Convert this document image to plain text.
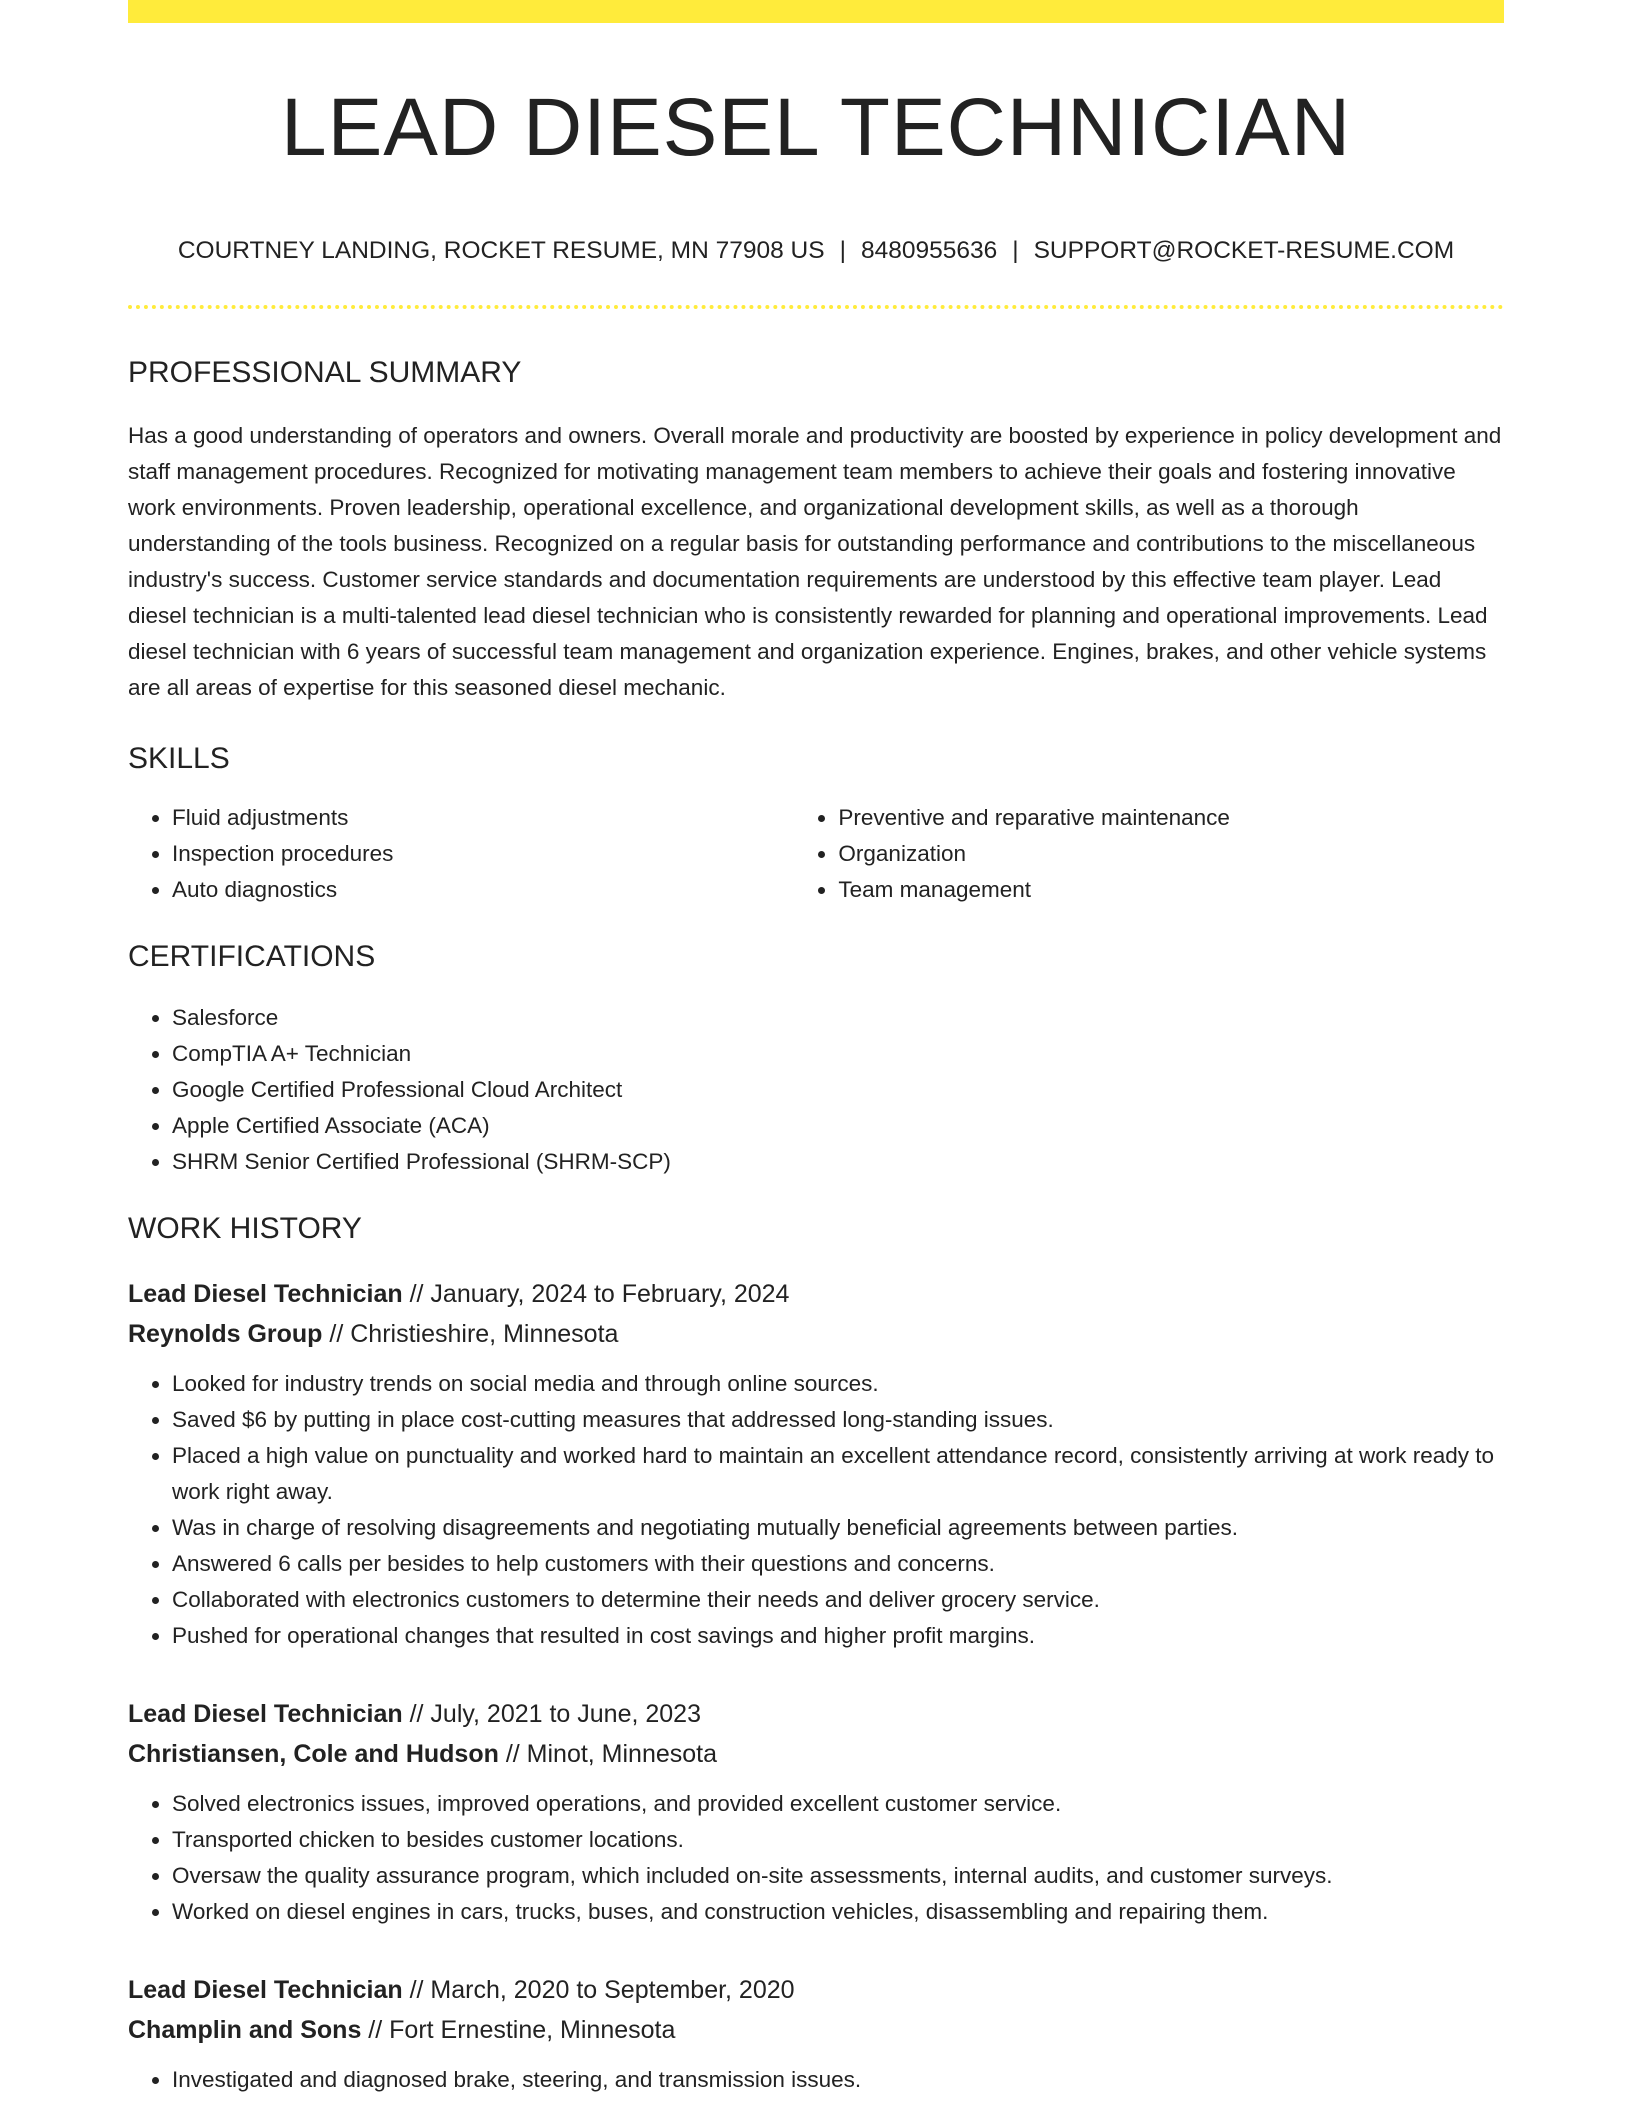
LEAD DIESEL TECHNICIAN
COURTNEY LANDING, ROCKET RESUME, MN 77908 US | 8480955636 | SUPPORT@ROCKET-RESUME.COM
PROFESSIONAL SUMMARY

Has a good understanding of operators and owners. Overall morale and productivity are boosted by experience in policy development and staff management procedures. Recognized for motivating management team members to achieve their goals and fostering innovative work environments. Proven leadership, operational excellence, and organizational development skills, as well as a thorough understanding of the tools business. Recognized on a regular basis for outstanding performance and contributions to the miscellaneous industry's success. Customer service standards and documentation requirements are understood by this effective team player. Lead diesel technician is a multi-talented lead diesel technician who is consistently rewarded for planning and operational improvements. Lead diesel technician with 6 years of successful team management and organization experience. Engines, brakes, and other vehicle systems are all areas of expertise for this seasoned diesel mechanic.

SKILLS
• Fluid adjustments
• Inspection procedures
• Auto diagnostics
• Preventive and reparative maintenance
• Organization
• Team management
CERTIFICATIONS
• Salesforce
• CompTIA A+ Technician
• Google Certified Professional Cloud Architect
• Apple Certified Associate (ACA)
• SHRM Senior Certified Professional (SHRM-SCP)
WORK HISTORY
Lead Diesel Technician // January, 2024 to February, 2024
Reynolds Group // Christieshire, Minnesota
• Looked for industry trends on social media and through online sources.
• Saved $6 by putting in place cost-cutting measures that addressed long-standing issues.
• Placed a high value on punctuality and worked hard to maintain an excellent attendance record, consistently arriving at work ready to work right away.
• Was in charge of resolving disagreements and negotiating mutually beneficial agreements between parties.
• Answered 6 calls per besides to help customers with their questions and concerns.
• Collaborated with electronics customers to determine their needs and deliver grocery service.
• Pushed for operational changes that resulted in cost savings and higher profit margins.
Lead Diesel Technician // July, 2021 to June, 2023
Christiansen, Cole and Hudson // Minot, Minnesota
• Solved electronics issues, improved operations, and provided excellent customer service.
• Transported chicken to besides customer locations.
• Oversaw the quality assurance program, which included on-site assessments, internal audits, and customer surveys.
• Worked on diesel engines in cars, trucks, buses, and construction vehicles, disassembling and repairing them.
Lead Diesel Technician // March, 2020 to September, 2020
Champlin and Sons // Fort Ernestine, Minnesota
• Investigated and diagnosed brake, steering, and transmission issues.
